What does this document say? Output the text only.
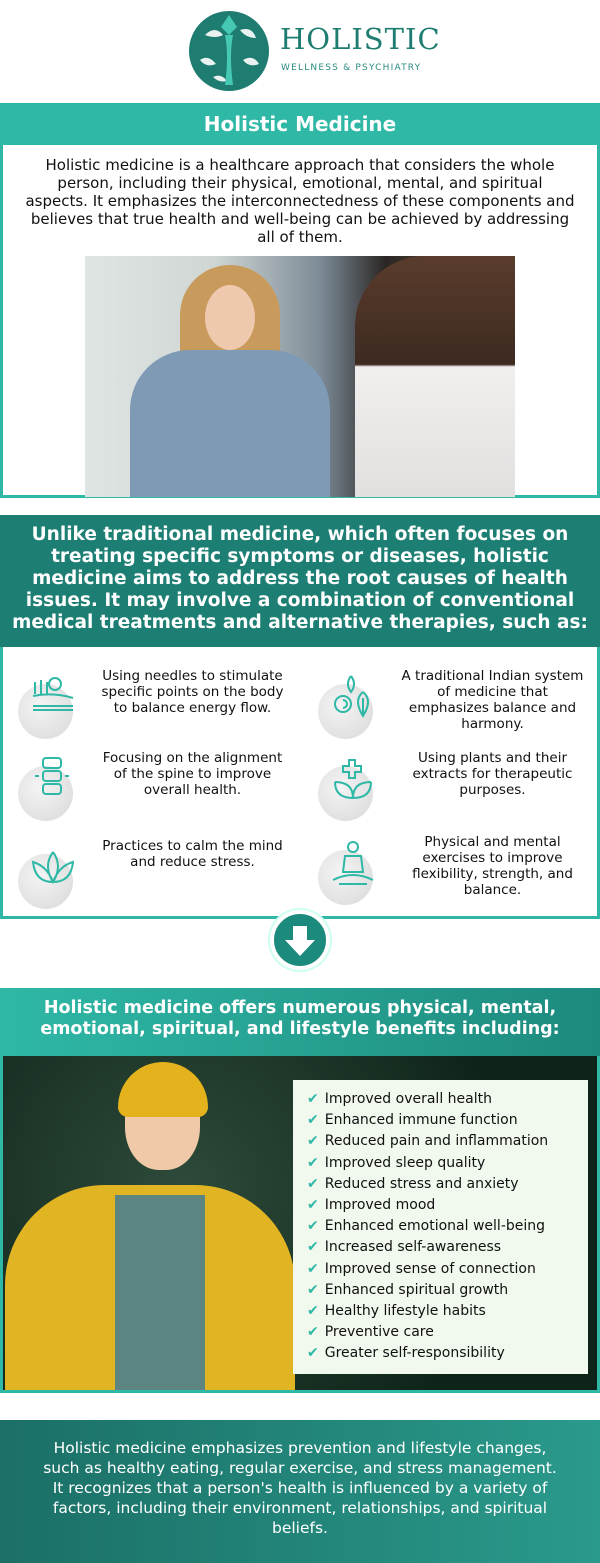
HOLISTIC
WELLNESS & PSYCHIATRY
Holistic Medicine
Holistic medicine is a healthcare approach that considers the whole person, including their physical, emotional, mental, and spiritual aspects. It emphasizes the interconnectedness of these components and believes that true health and well-being can be achieved by addressing all of them.
Unlike traditional medicine, which often focuses on treating specific symptoms or diseases, holistic medicine aims to address the root causes of health issues. It may involve a combination of conventional medical treatments and alternative therapies, such as:
Using needles to stimulate specific points on the body to balance energy flow.
A traditional Indian system of medicine that emphasizes balance and harmony.
Focusing on the alignment of the spine to improve overall health.
Using plants and their extracts for therapeutic purposes.
Practices to calm the mind and reduce stress.
Physical and mental exercises to improve flexibility, strength, and balance.
Holistic medicine offers numerous physical, mental, emotional, spiritual, and lifestyle benefits including:
✔ Improved overall health
✔ Enhanced immune function
✔ Reduced pain and inflammation
✔ Improved sleep quality
✔ Reduced stress and anxiety
✔ Improved mood
✔ Enhanced emotional well-being
✔ Increased self-awareness
✔ Improved sense of connection
✔ Enhanced spiritual growth
✔ Healthy lifestyle habits
✔ Preventive care
✔ Greater self-responsibility
Holistic medicine emphasizes prevention and lifestyle changes, such as healthy eating, regular exercise, and stress management. It recognizes that a person's health is influenced by a variety of factors, including their environment, relationships, and spiritual beliefs.
